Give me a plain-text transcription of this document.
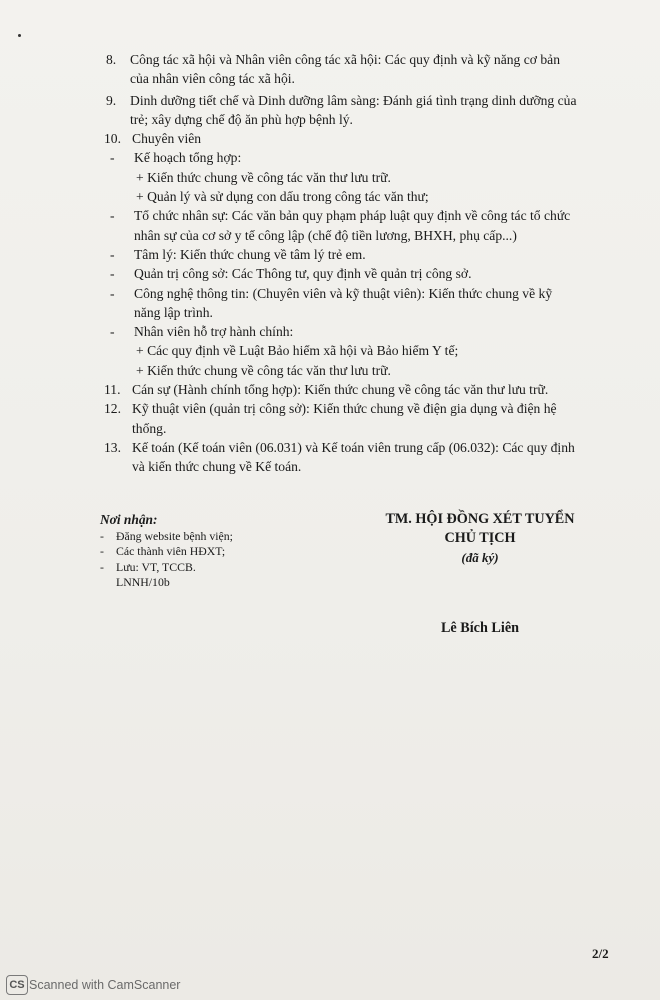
8. Công tác xã hội và Nhân viên công tác xã hội: Các quy định và kỹ năng cơ bản
của nhân viên công tác xã hội.
9. Dinh dưỡng tiết chế và Dinh dưỡng lâm sàng: Đánh giá tình trạng dinh dưỡng của
trẻ; xây dựng chế độ ăn phù hợp bệnh lý.
10. Chuyên viên
- Kế hoạch tổng hợp:
+ Kiến thức chung về công tác văn thư lưu trữ.
+ Quản lý và sử dụng con dấu trong công tác văn thư;
- Tổ chức nhân sự: Các văn bản quy phạm pháp luật quy định về công tác tổ chức
nhân sự của cơ sở y tế công lập (chế độ tiền lương, BHXH, phụ cấp...)
- Tâm lý: Kiến thức chung về tâm lý trẻ em.
- Quản trị công sở: Các Thông tư, quy định về quản trị công sở.
- Công nghệ thông tin: (Chuyên viên và kỹ thuật viên): Kiến thức chung về kỹ
năng lập trình.
- Nhân viên hỗ trợ hành chính:
+ Các quy định về Luật Bảo hiểm xã hội và Bảo hiểm Y tế;
+ Kiến thức chung về công tác văn thư lưu trữ.
11. Cán sự (Hành chính tổng hợp): Kiến thức chung về công tác văn thư lưu trữ.
12. Kỹ thuật viên (quản trị công sở): Kiến thức chung về điện gia dụng và điện hệ
thống.
13. Kế toán (Kế toán viên (06.031) và Kế toán viên trung cấp (06.032): Các quy định
và kiến thức chung về Kế toán.
Nơi nhận:
- Đăng website bệnh viện;
- Các thành viên HĐXT;
- Lưu: VT, TCCB.
LNNH/10b
TM. HỘI ĐỒNG XÉT TUYỂN
CHỦ TỊCH
(đã ký)
Lê Bích Liên
2/2
CS Scanned with CamScanner
